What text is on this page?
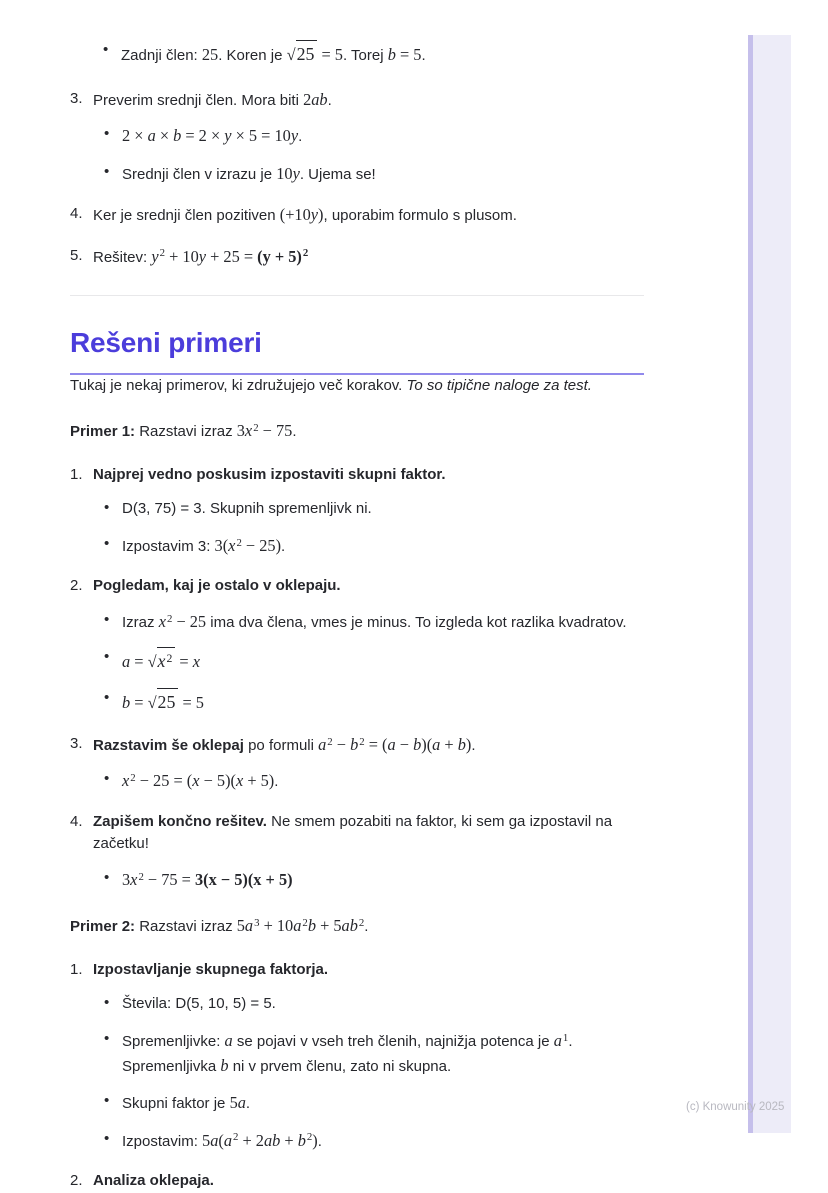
• Zadnji člen: 25. Koren je √25 = 5. Torej b = 5.
3. Preverim srednji člen. Mora biti 2ab.
• 2 × a × b = 2 × y × 5 = 10y.
• Srednji člen v izrazu je 10y. Ujema se!
4. Ker je srednji člen pozitiven (+10y), uporabim formulo s plusom.
5. Rešitev: $y^2 + 10y + 25 = (y + 5)^2$
Rešeni primeri

Tukaj je nekaj primerov, ki združujejo več korakov. To so tipične naloge za test.

Primer 1: Razstavi izraz $3x^2 - 75$.

1. Najprej vedno poskusim izpostaviti skupni faktor.
• D(3, 75) = 3. Skupnih spremenljivk ni.
• Izpostavim 3: $3(x^2 - 25)$.
2. Pogledam, kaj je ostalo v oklepaju.
• Izraz $x^2 - 25$ ima dva člena, vmes je minus. To izgleda kot razlika kvadratov.
• $a = √x^2 = x$
• b = √25 = 5
3. Razstavim še oklepaj po formuli $a^2 - b^2 = (a - b)(a + b)$.
• $x^2 - 25 = (x - 5)(x + 5)$.
4. Zapišem končno rešitev. Ne smem pozabiti na faktor, ki sem ga izpostavil na začetku!
• $3x^2 - 75 = 3(x - 5)(x + 5)$

Primer 2: Razstavi izraz $5a^3 + 10a^2b + 5ab^2$.

1. Izpostavljanje skupnega faktorja.
• Števila: D(5, 10, 5) = 5.
• Spremenljivke: a se pojavi v vseh treh členih, najnižja potenca je $a^1$. Spremenljivka b ni v prvem členu, zato ni skupna.
• Skupni faktor je 5a.
• Izpostavim: $5a(a^2 + 2ab + b^2)$.
2. Analiza oklepaja.
(c) Knowunity 2025
